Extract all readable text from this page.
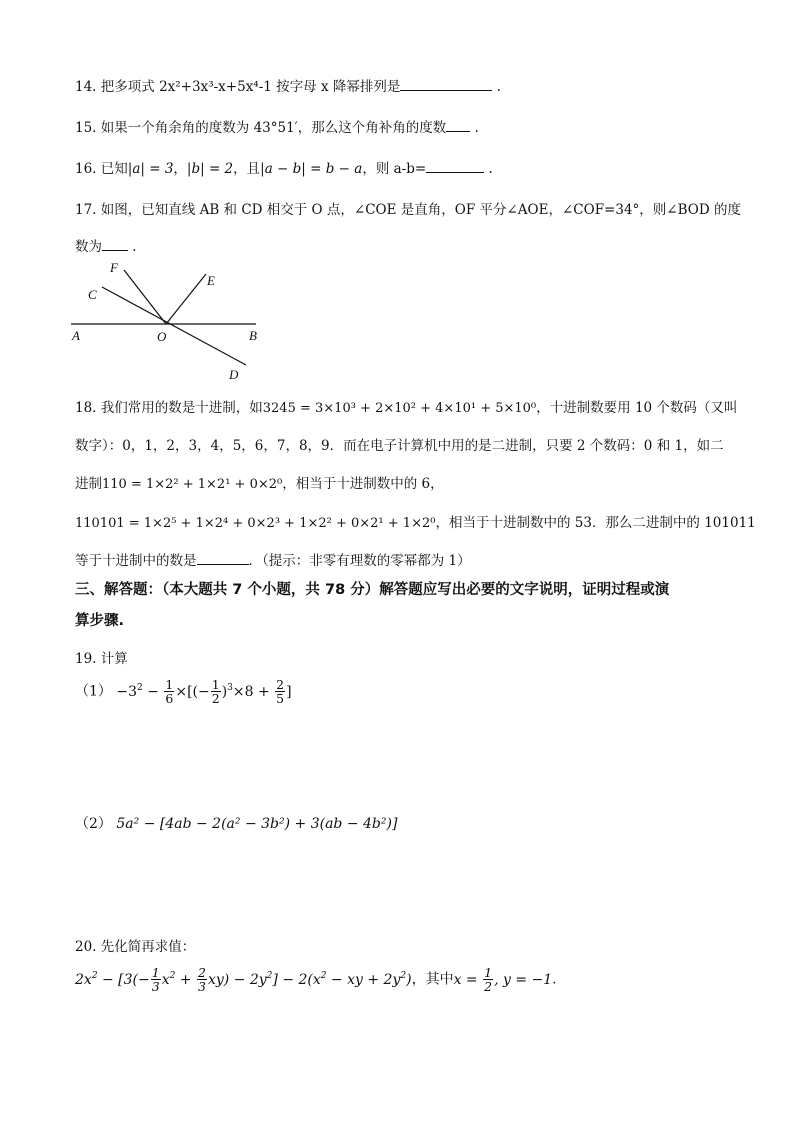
14. 把多项式 2x²+3x³-x+5x⁴-1 按字母 x 降幂排列是	.
15. 如果一个角余角的度数为 43°51′，那么这个角补角的度数 .
16. 已知|a| = 3，|b| = 2，且|a − b| = b − a，则 a-b=	.
17. 如图，已知直线 AB 和 CD 相交于 O 点，∠COE 是直角，OF 平分∠AOE，∠COF=34°，则∠BOD 的度
数为 .
F
E
C
A	O	B
D
18. 我们常用的数是十进制，如3245 = 3×10³ + 2×10² + 4×10¹ + 5×10⁰，十进制数要用 10 个数码（又叫
数字）：0，1，2，3，4，5，6，7，8，9．而在电子计算机中用的是二进制，只要 2 个数码：0 和 1，如二
进制110 = 1×2² + 1×2¹ + 0×2⁰，相当于十进制数中的 6，
110101 = 1×2⁵ + 1×2⁴ + 0×2³ + 1×2² + 0×2¹ + 1×2⁰，相当于十进制数中的 53．那么二进制中的 101011
等于十进制中的数是	．（提示：非零有理数的零幂都为 1）
三、解答题：（本大题共 7 个小题，共 78 分）解答题应写出必要的文字说明，证明过程或演
算步骤.
19. 计算
$(1) -3^2 - \frac{1}{6}$ ×[(− $\frac{1}{2} )^3\times 8 + \frac{2}{5}$ ]
（2） 5a² − [4ab − 2(a² − 3b²) + 3(ab − 4b²)]
20. 先化简再求值：
$2x^2 - [3(- \frac{1}{3} x^2 + \frac{2}{3} xy) - 2y^2] - 2(x^2$ − xy + $2y^2$)，其中$x = \frac{1}{2}$ , y = −1.
